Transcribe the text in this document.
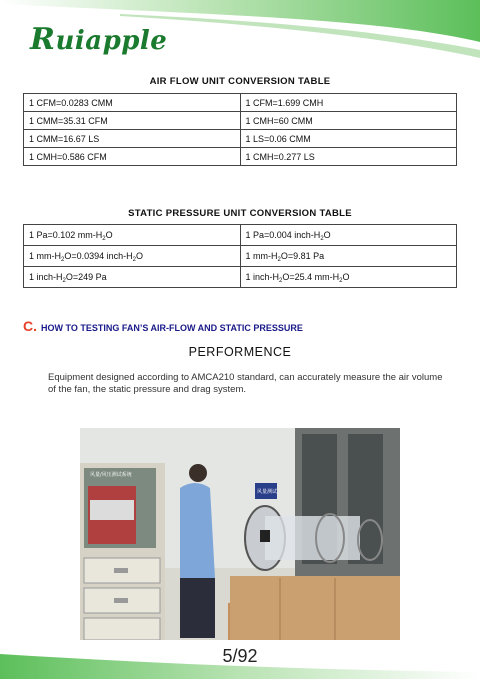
Ruiapple
AIR FLOW UNIT CONVERSION TABLE
1 CFM=0.0283 CMM	1 CFM=1.699 CMH
1 CMM=35.31 CFM	1 CMH=60 CMM
1 CMM=16.67 LS	1 LS=0.06 CMM
1 CMH=0.586 CFM	1 CMH=0.277 LS
STATIC PRESSURE UNIT CONVERSION TABLE
1 Pa=0.102 $mm-H_2O$	1 Pa=0.004 inch-$H_2O$
1 $mm-H_2O=0.0394$ inch-$H_2O$	1 $mm-H_2O=9.81$ Pa
1 inch-$H_2O=249$ Pa	1 inch-$H_2O=25.4$ $mm-H_2O$
C. HOW TO TESTING FAN’S AIR-FLOW AND STATIC PRESSURE
PERFORMENCE
Equipment designed according to AMCA210 standard, can accurately measure the air volume of the fan, the static pressure and drag system.
风量/风压测试系统
风量测试
5/92
